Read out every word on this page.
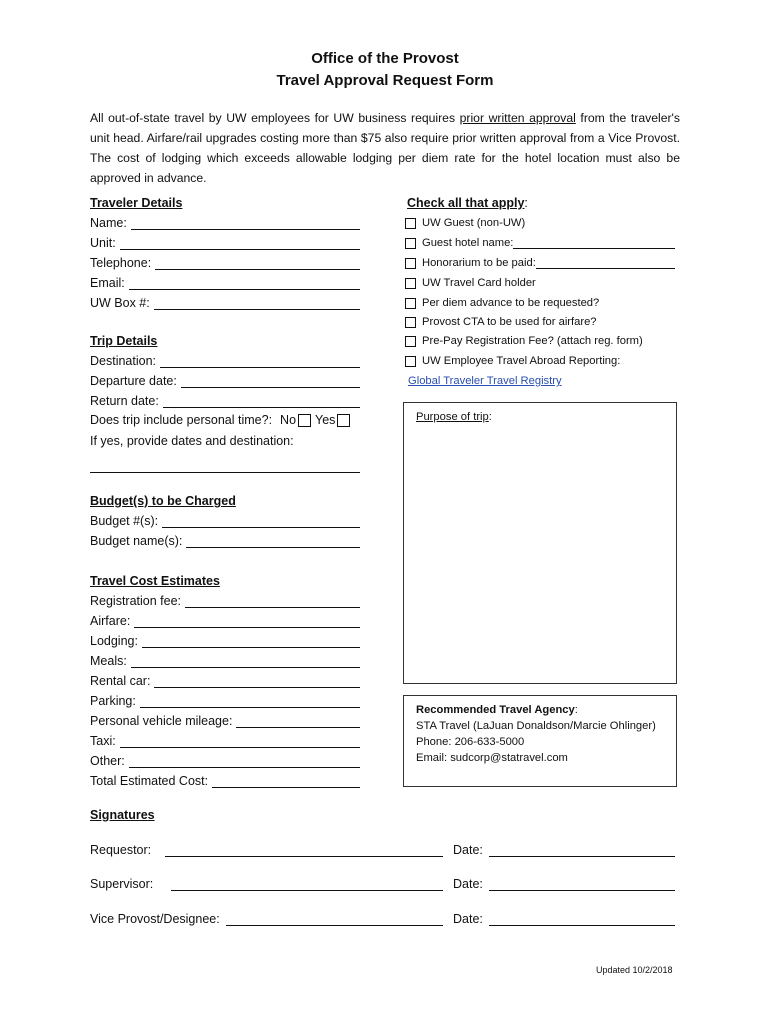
Office of the Provost
Travel Approval Request Form
All out-of-state travel by UW employees for UW business requires prior written approval from the traveler's unit head. Airfare/rail upgrades costing more than $75 also require prior written approval from a Vice Provost. The cost of lodging which exceeds allowable lodging per diem rate for the hotel location must also be approved in advance.
Traveler Details
Name:
Unit:
Telephone:
Email:
UW Box #:
Trip Details
Destination:
Departure date:
Return date:
Does trip include personal time?: No Yes
If yes, provide dates and destination:
Budget(s) to be Charged
Budget #(s):
Budget name(s):
Travel Cost Estimates
Registration fee:
Airfare:
Lodging:
Meals:
Rental car:
Parking:
Personal vehicle mileage:
Taxi:
Other:
Total Estimated Cost:
Check all that apply:
UW Guest (non-UW)
Guest hotel name:
Honorarium to be paid:
UW Travel Card holder
Per diem advance to be requested?
Provost CTA to be used for airfare?
Pre-Pay Registration Fee? (attach reg. form)
UW Employee Travel Abroad Reporting:
Global Traveler Travel Registry
Purpose of trip:
Recommended Travel Agency:
STA Travel (LaJuan Donaldson/Marcie Ohlinger)
Phone: 206-633-5000
Email: sudcorp@statravel.com
Signatures
Requestor:	Date:
Supervisor:	Date:
Vice Provost/Designee:	Date:
Updated 10/2/2018
